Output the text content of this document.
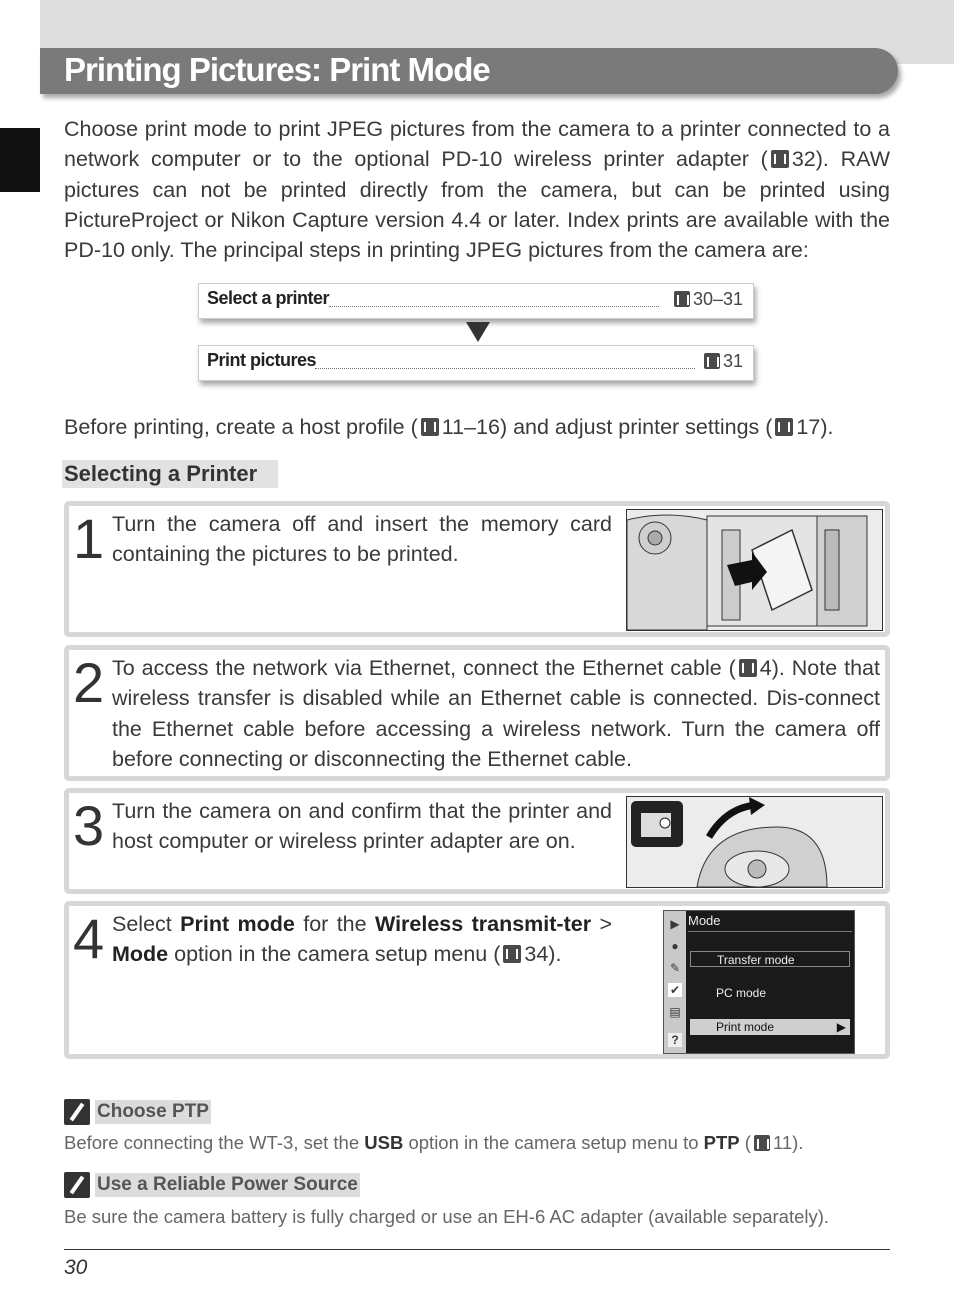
Printing Pictures: Print Mode
Choose print mode to print JPEG pictures from the camera to a printer connected to a network computer or to the optional PD-10 wireless printer adapter ( 32). RAW pictures can not be printed directly from the camera, but can be printed using PictureProject or Nikon Capture version 4.4 or later. Index prints are available with the PD-10 only. The principal steps in printing JPEG pictures from the camera are:
Select a printer	30–31
Print pictures	31
Before printing, create a host profile ( 11–16) and adjust printer settings ( 17).
Selecting a Printer
1 Turn the camera off and insert the memory card containing the pictures to be printed.
2 To access the network via Ethernet, connect the Ethernet cable ( 4). Note that wireless transfer is disabled while an Ethernet cable is connected. Dis-connect the Ethernet cable before accessing a wireless network. Turn the camera off before connecting or disconnecting the Ethernet cable.
3 Turn the camera on and confirm that the printer and host computer or wireless printer adapter are on.
4 Select Print mode for the Wireless transmit-ter > Mode option in the camera setup menu ( 34).
▶
●
✎
✔
▤
?
Mode
Transfer mode
PC mode
Print mode	▶
Choose PTP
Before connecting the WT-3, set the USB option in the camera setup menu to PTP ( 11).
Use a Reliable Power Source
Be sure the camera battery is fully charged or use an EH-6 AC adapter (available separately).
30
